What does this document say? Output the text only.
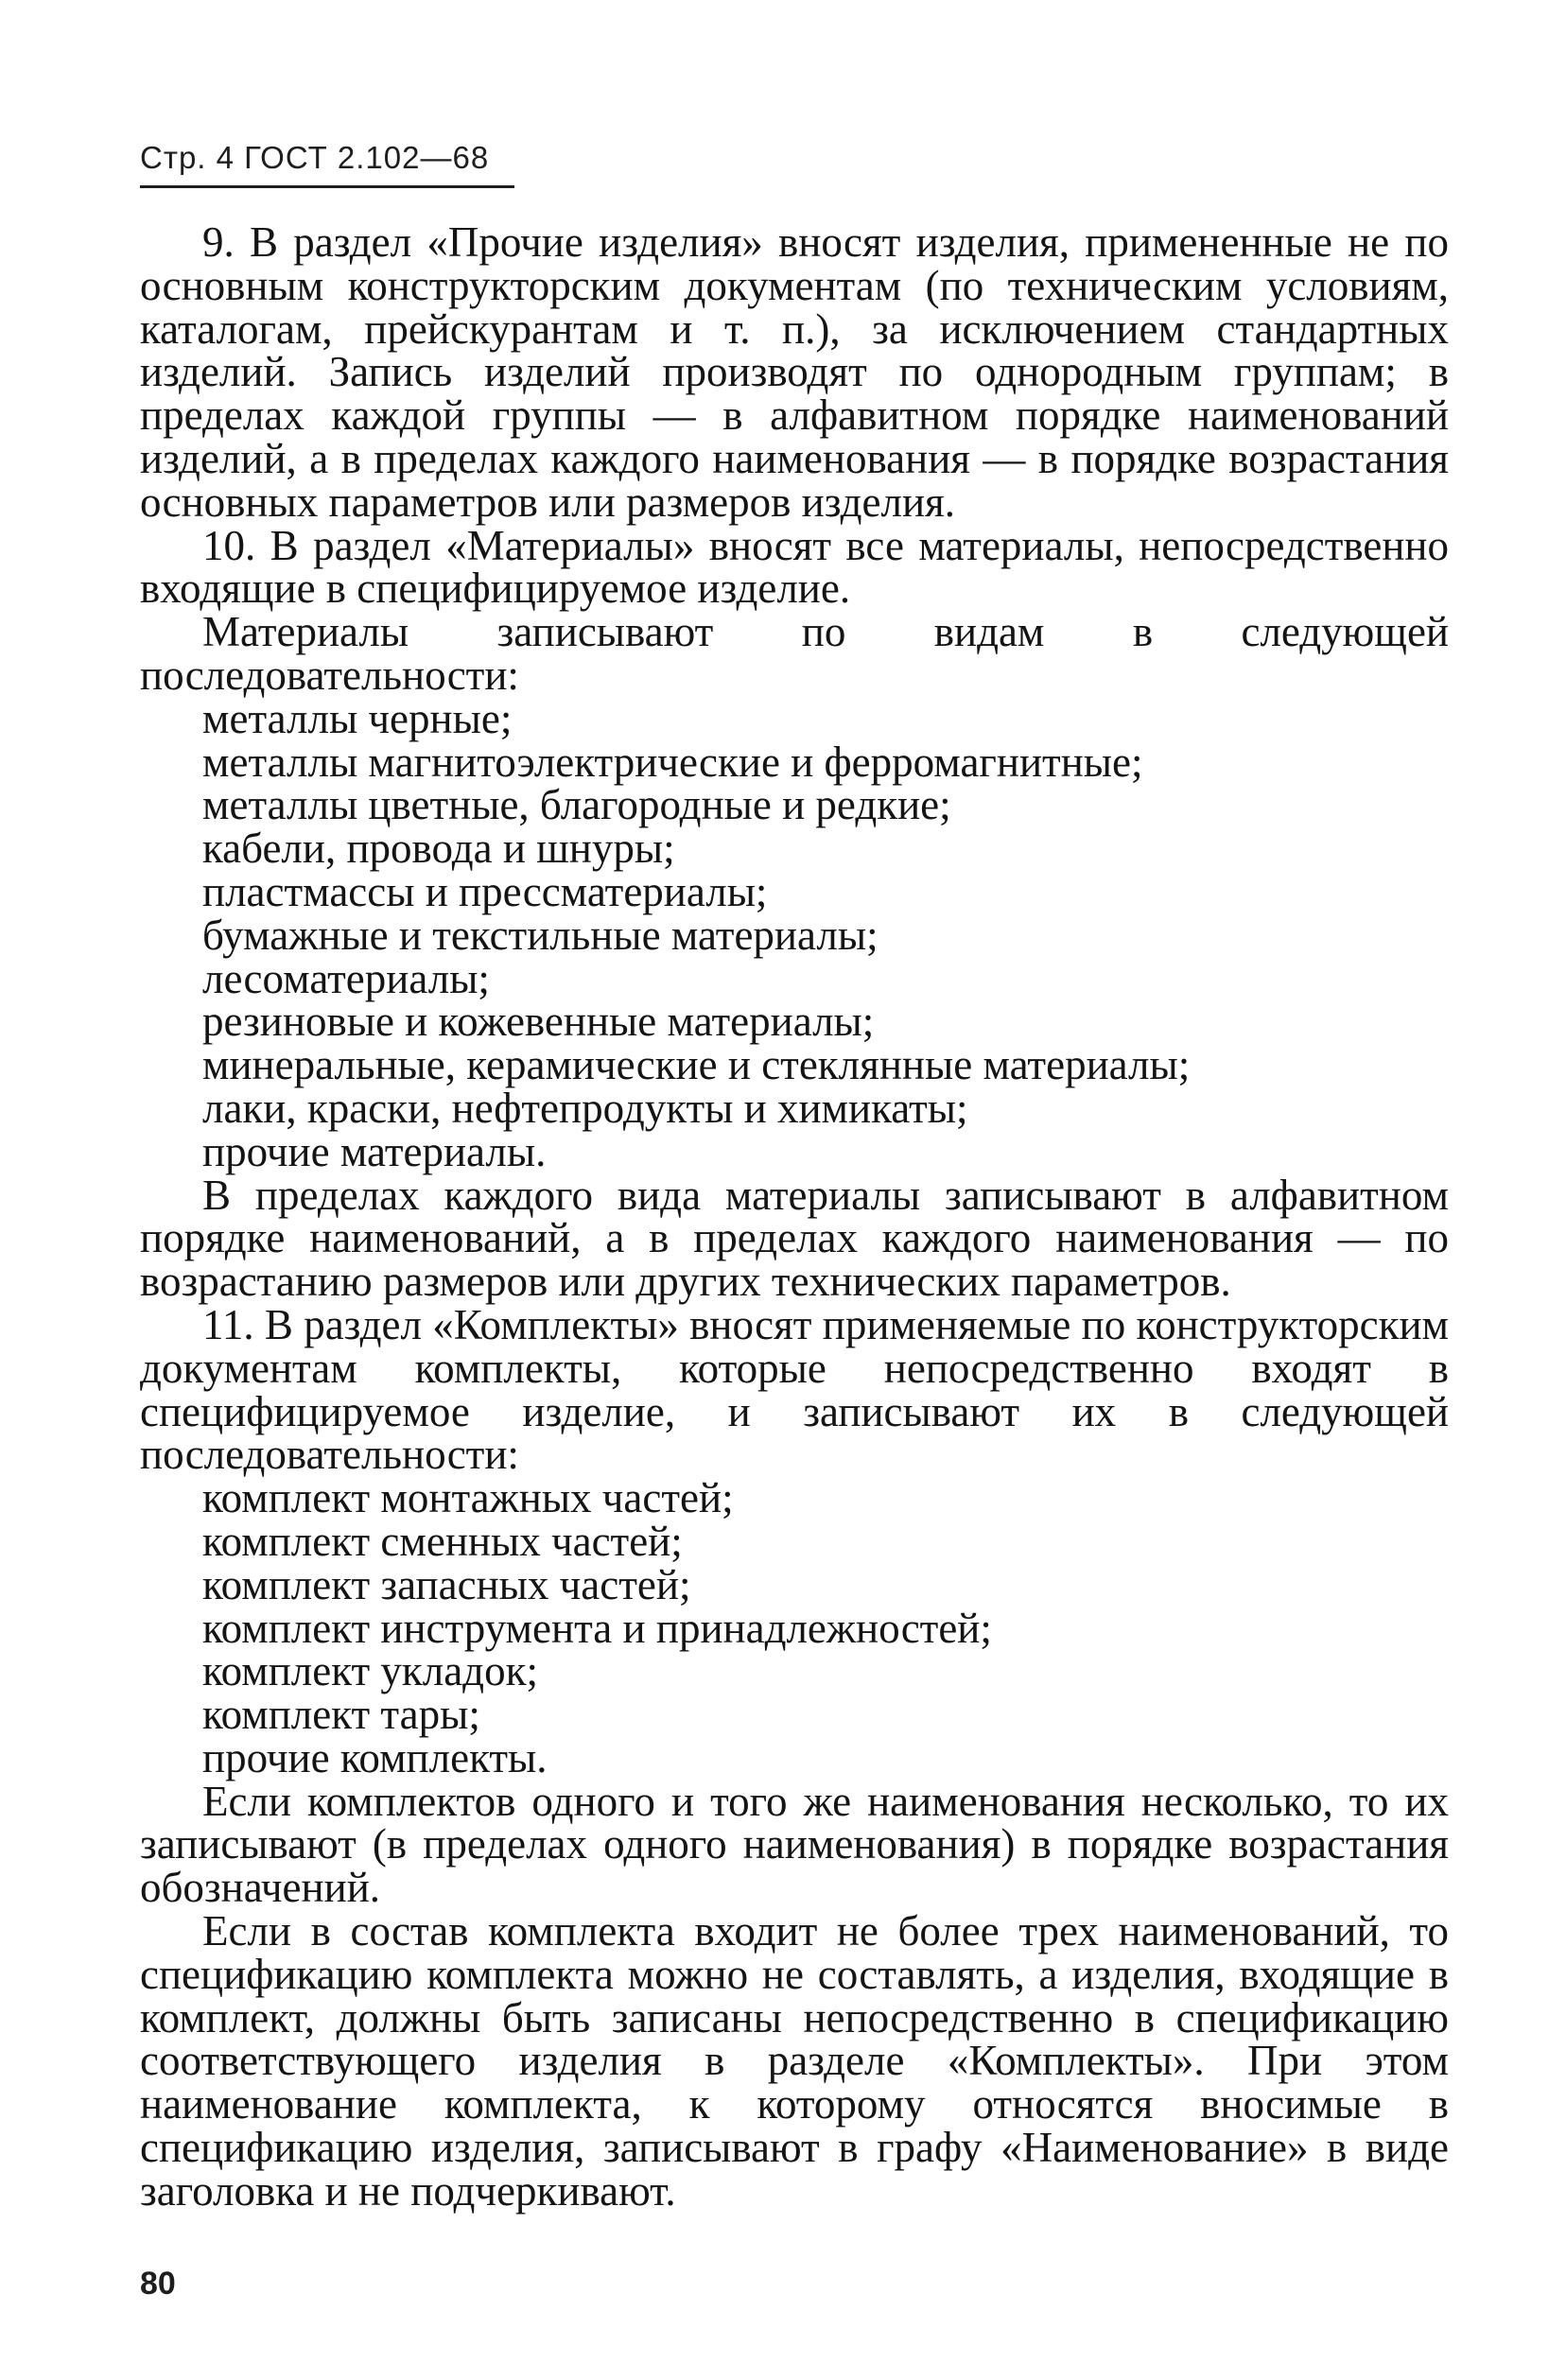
Стр. 4 ГОСТ 2.102—68

9. В раздел «Прочие изделия» вносят изделия, примененные не по основным конструкторским документам (по техническим условиям, каталогам, прейскурантам и т. п.), за исключением стандартных изделий. Запись изделий производят по однородным группам; в пределах каждой группы — в алфавитном порядке наименований изделий, а в пределах каждого наименования — в порядке возрастания основных параметров или размеров изделия.

10. В раздел «Материалы» вносят все материалы, непосредственно входящие в специфицируемое изделие.

Материалы записывают по видам в следующей последовательности:

металлы черные;
металлы магнитоэлектрические и ферромагнитные;
металлы цветные, благородные и редкие;
кабели, провода и шнуры;
пластмассы и прессматериалы;
бумажные и текстильные материалы;
лесоматериалы;
резиновые и кожевенные материалы;
минеральные, керамические и стеклянные материалы;
лаки, краски, нефтепродукты и химикаты;
прочие материалы.

В пределах каждого вида материалы записывают в алфавитном порядке наименований, а в пределах каждого наименования — по возрастанию размеров или других технических параметров.

11. В раздел «Комплекты» вносят применяемые по конструкторским документам комплекты, которые непосредственно входят в специфицируемое изделие, и записывают их в следующей последовательности:

комплект монтажных частей;
комплект сменных частей;
комплект запасных частей;
комплект инструмента и принадлежностей;
комплект укладок;
комплект тары;
прочие комплекты.

Если комплектов одного и того же наименования несколько, то их записывают (в пределах одного наименования) в порядке возрастания обозначений.

Если в состав комплекта входит не более трех наименований, то спецификацию комплекта можно не составлять, а изделия, входящие в комплект, должны быть записаны непосредственно в спецификацию соответствующего изделия в разделе «Комплекты». При этом наименование комплекта, к которому относятся вносимые в спецификацию изделия, записывают в графу «Наименование» в виде заголовка и не подчеркивают.

80
